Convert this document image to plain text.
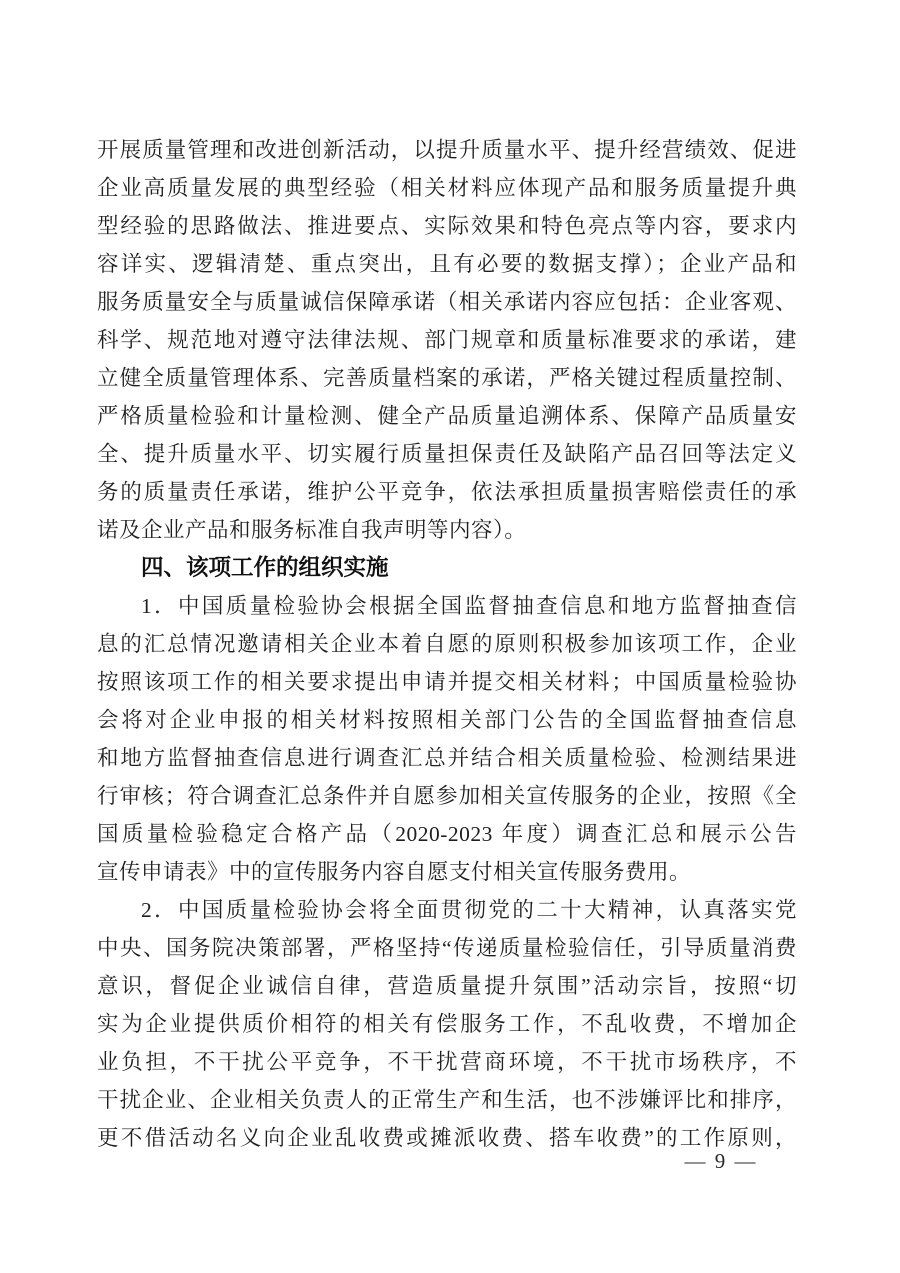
开展质量管理和改进创新活动，以提升质量水平、提升经营绩效、促进
企业高质量发展的典型经验（相关材料应体现产品和服务质量提升典
型经验的思路做法、推进要点、实际效果和特色亮点等内容，要求内
容详实、逻辑清楚、重点突出，且有必要的数据支撑）；企业产品和
服务质量安全与质量诚信保障承诺（相关承诺内容应包括：企业客观、
科学、规范地对遵守法律法规、部门规章和质量标准要求的承诺，建
立健全质量管理体系、完善质量档案的承诺，严格关键过程质量控制、
严格质量检验和计量检测、健全产品质量追溯体系、保障产品质量安
全、提升质量水平、切实履行质量担保责任及缺陷产品召回等法定义
务的质量责任承诺，维护公平竞争，依法承担质量损害赔偿责任的承
诺及企业产品和服务标准自我声明等内容）。
四、该项工作的组织实施
1．中国质量检验协会根据全国监督抽查信息和地方监督抽查信
息的汇总情况邀请相关企业本着自愿的原则积极参加该项工作，企业
按照该项工作的相关要求提出申请并提交相关材料；中国质量检验协
会将对企业申报的相关材料按照相关部门公告的全国监督抽查信息
和地方监督抽查信息进行调查汇总并结合相关质量检验、检测结果进
行审核；符合调查汇总条件并自愿参加相关宣传服务的企业，按照《全
国质量检验稳定合格产品（2020-2023 年度）调查汇总和展示公告
宣传申请表》中的宣传服务内容自愿支付相关宣传服务费用。
2．中国质量检验协会将全面贯彻党的二十大精神，认真落实党
中央、国务院决策部署，严格坚持“传递质量检验信任，引导质量消费
意识，督促企业诚信自律，营造质量提升氛围”活动宗旨，按照“切
实为企业提供质价相符的相关有偿服务工作，不乱收费，不增加企
业负担，不干扰公平竞争，不干扰营商环境，不干扰市场秩序，不
干扰企业、企业相关负责人的正常生产和生活，也不涉嫌评比和排序，
更不借活动名义向企业乱收费或摊派收费、搭车收费”的工作原则，
— 9 —
